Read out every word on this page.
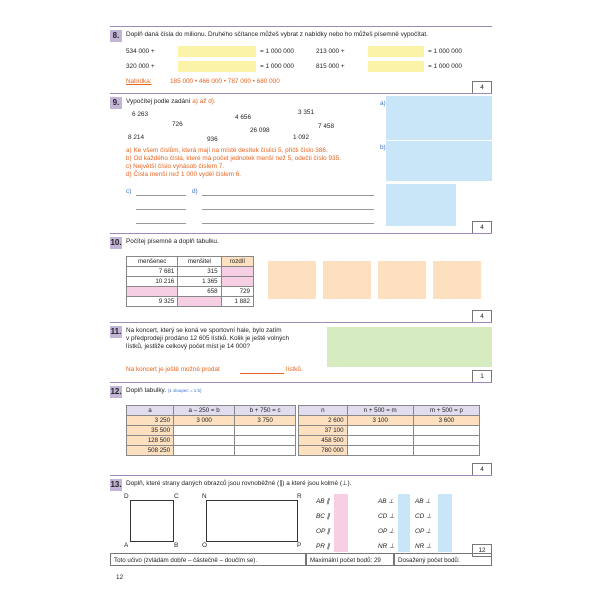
8.	Doplň daná čísla do milionu. Druhého sčítance můžeš vybrat z nabídky nebo ho můžeš písemně vypočítat.
534 000 +	= 1 000 000
320 000 +	= 1 000 000
213 000 +	= 1 000 000
815 000 +	= 1 000 000
Nabídka:	185 000 • 466 000 • 787 000 • 680 000
4
9.	Vypočítej podle zadání a) až d).
6 263
726
8 214
4 656
936
26 098
3 351
7 458
1 092
a) Ke všem číslům, která mají na místě desítek číslici 5, přičti číslo 386.
b) Od každého čísla, které má počet jednotek menší než 5, odečti číslo 935.
c) Největší číslo vynásob číslem 7.
d) Čísla menší než 1 000 vyděl číslem 6.
c)	d)
a)
b)
4
10. Počítej písemně a doplň tabulku.
menšenec	menšitel	rozdíl
7 681	315	
10 216	1 365	
	658	729
9 325		1 882
4
11. Na koncert, který se koná ve sportovní hale, bylo zatím
v předprodeji prodáno 12 605 lístků. Kolik je ještě volných
lístků, jestliže celkový počet míst je 14 000?
Na koncert je ještě možné prodat	lístků.
1
12. Doplň tabulky. (1 sloupec = 1 b)
a	a – 250 = b	b + 750 = c
3 250	3 000	3 750
35 500		
128 500		
508 250		
n	n + 500 = m	m + 500 = p
2 600	3 100	3 600
37 100		
458 500		
780 000		
4
13. Doplň, které strany daných obrazců jsou rovnoběžné (∥) a které jsou kolmé (⊥).
D	C
A	B
N	R
O	P
AB ∥
BC ∥
OP ∥
PR ∥
AB ⊥
CD ⊥
OP ⊥
NR ⊥
AB ⊥
CD ⊥
OP ⊥
NR ⊥
12
Toto učivo (zvládám dobře – částečně – doučím se).	Maximální počet bodů: 29	Dosažený počet bodů:
12
